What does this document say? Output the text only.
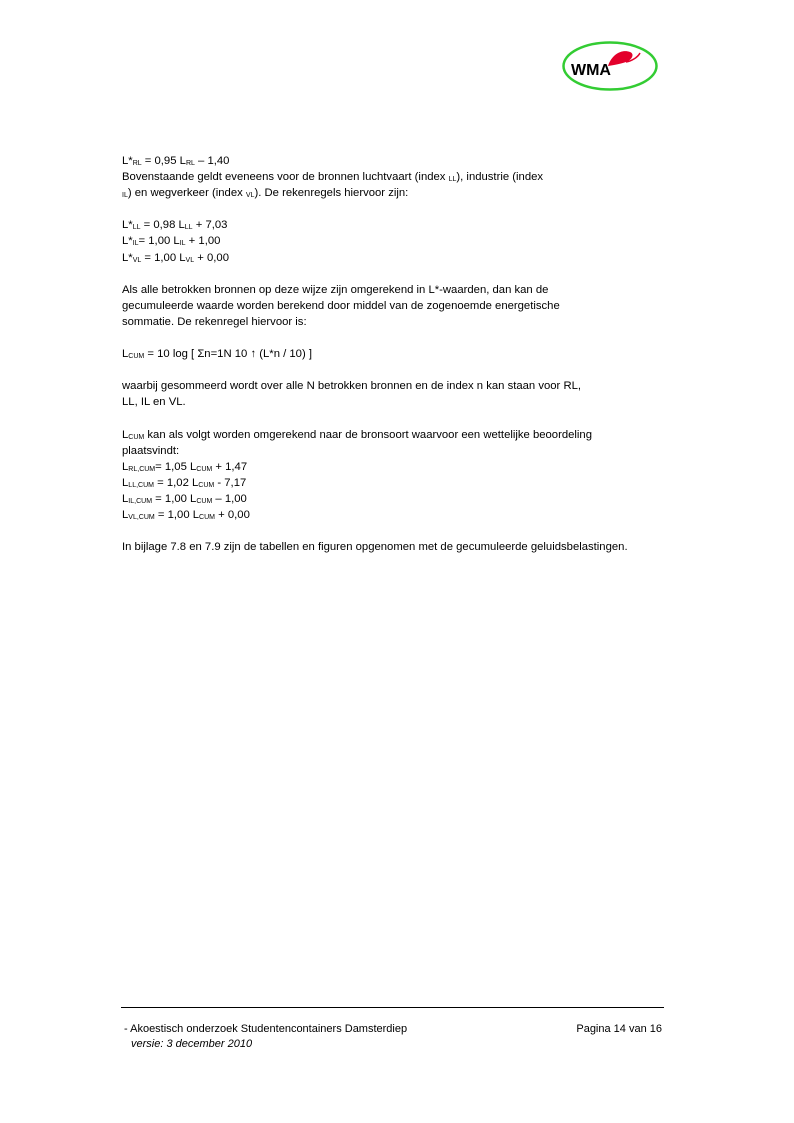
WMA
L*RL = 0,95 LRL – 1,40
Bovenstaande geldt eveneens voor de bronnen luchtvaart (index LL), industrie (index
IL) en wegverkeer (index VL). De rekenregels hiervoor zijn:
L*LL = 0,98 LLL + 7,03
L*IL= 1,00 LIL + 1,00
L*VL = 1,00 LVL + 0,00
Als alle betrokken bronnen op deze wijze zijn omgerekend in L*-waarden, dan kan de
gecumuleerde waarde worden berekend door middel van de zogenoemde energetische
sommatie. De rekenregel hiervoor is:
LCUM = 10 log [ Σn=1N 10 ↑ (L*n / 10) ]
waarbij gesommeerd wordt over alle N betrokken bronnen en de index n kan staan voor RL,
LL, IL en VL.
LCUM kan als volgt worden omgerekend naar de bronsoort waarvoor een wettelijke beoordeling
plaatsvindt:
LRL,CUM= 1,05 LCUM + 1,47
LLL,CUM = 1,02 LCUM - 7,17
LIL,CUM = 1,00 LCUM – 1,00
LVL,CUM = 1,00 LCUM + 0,00
In bijlage 7.8 en 7.9 zijn de tabellen en figuren opgenomen met de gecumuleerde geluidsbelastingen.
- Akoestisch onderzoek Studentencontainers Damsterdiep
versie: 3 december 2010
Pagina 14 van 16
